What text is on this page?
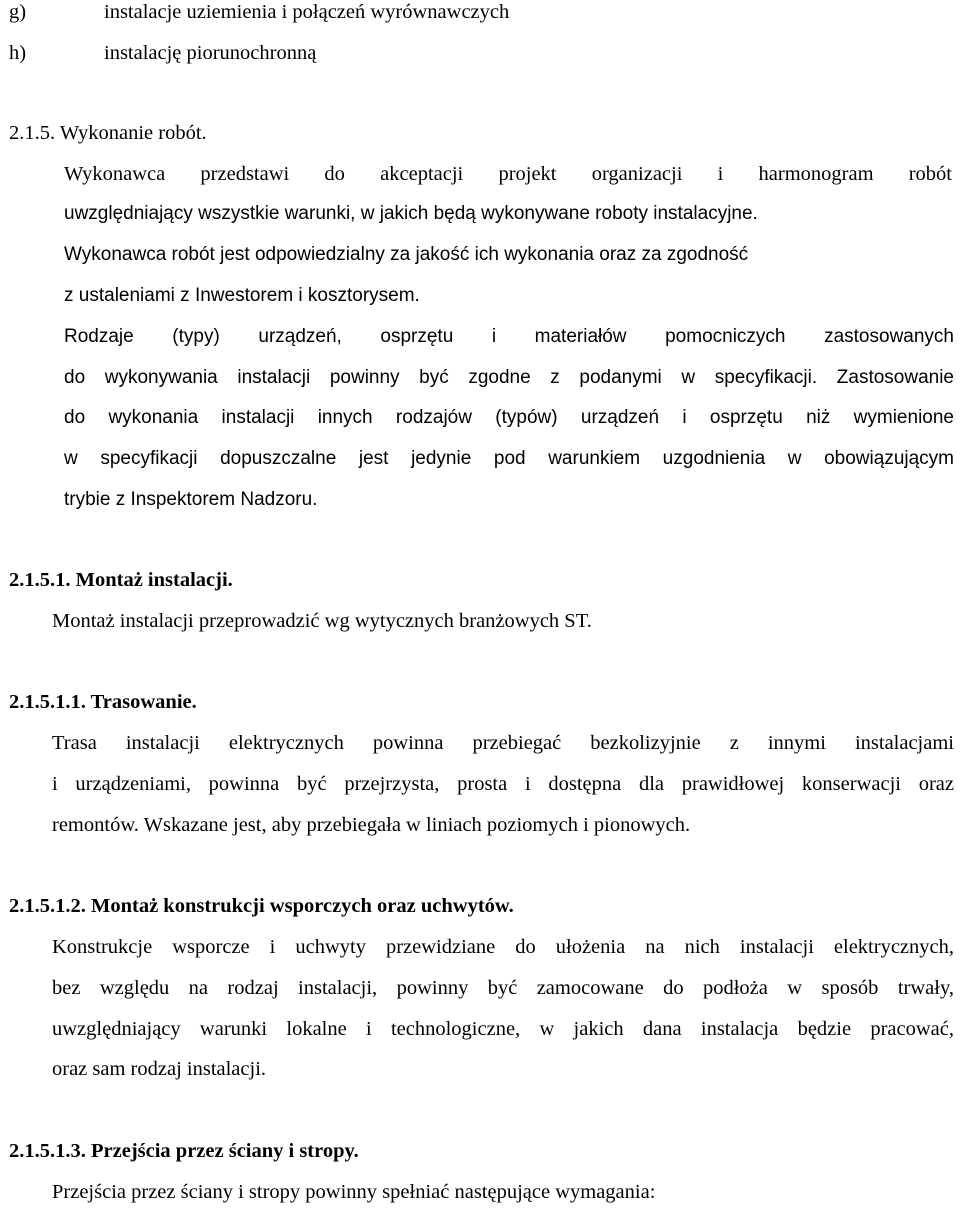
g)	instalacje uziemienia i połączeń wyrównawczych
h)	instalację piorunochronną
2.1.5. Wykonanie robót.
Wykonawca przedstawi do akceptacji projekt organizacji i harmonogram robót
uwzględniający wszystkie warunki, w jakich będą wykonywane roboty instalacyjne.
Wykonawca robót jest odpowiedzialny za jakość ich wykonania oraz za zgodność
z ustaleniami z Inwestorem i kosztorysem.
Rodzaje (typy) urządzeń, osprzętu i materiałów pomocniczych zastosowanych
do wykonywania instalacji powinny być zgodne z podanymi w specyfikacji. Zastosowanie
do wykonania instalacji innych rodzajów (typów) urządzeń i osprzętu niż wymienione
w specyfikacji dopuszczalne jest jedynie pod warunkiem uzgodnienia w obowiązującym
trybie z Inspektorem Nadzoru.
2.1.5.1. Montaż instalacji.
Montaż instalacji przeprowadzić wg wytycznych branżowych ST.
2.1.5.1.1. Trasowanie.
Trasa instalacji elektrycznych powinna przebiegać bezkolizyjnie z innymi instalacjami
i urządzeniami, powinna być przejrzysta, prosta i dostępna dla prawidłowej konserwacji oraz
remontów. Wskazane jest, aby przebiegała w liniach poziomych i pionowych.
2.1.5.1.2. Montaż konstrukcji wsporczych oraz uchwytów.
Konstrukcje wsporcze i uchwyty przewidziane do ułożenia na nich instalacji elektrycznych,
bez względu na rodzaj instalacji, powinny być zamocowane do podłoża w sposób trwały,
uwzględniający warunki lokalne i technologiczne, w jakich dana instalacja będzie pracować,
oraz sam rodzaj instalacji.
2.1.5.1.3. Przejścia przez ściany i stropy.
Przejścia przez ściany i stropy powinny spełniać następujące wymagania:
